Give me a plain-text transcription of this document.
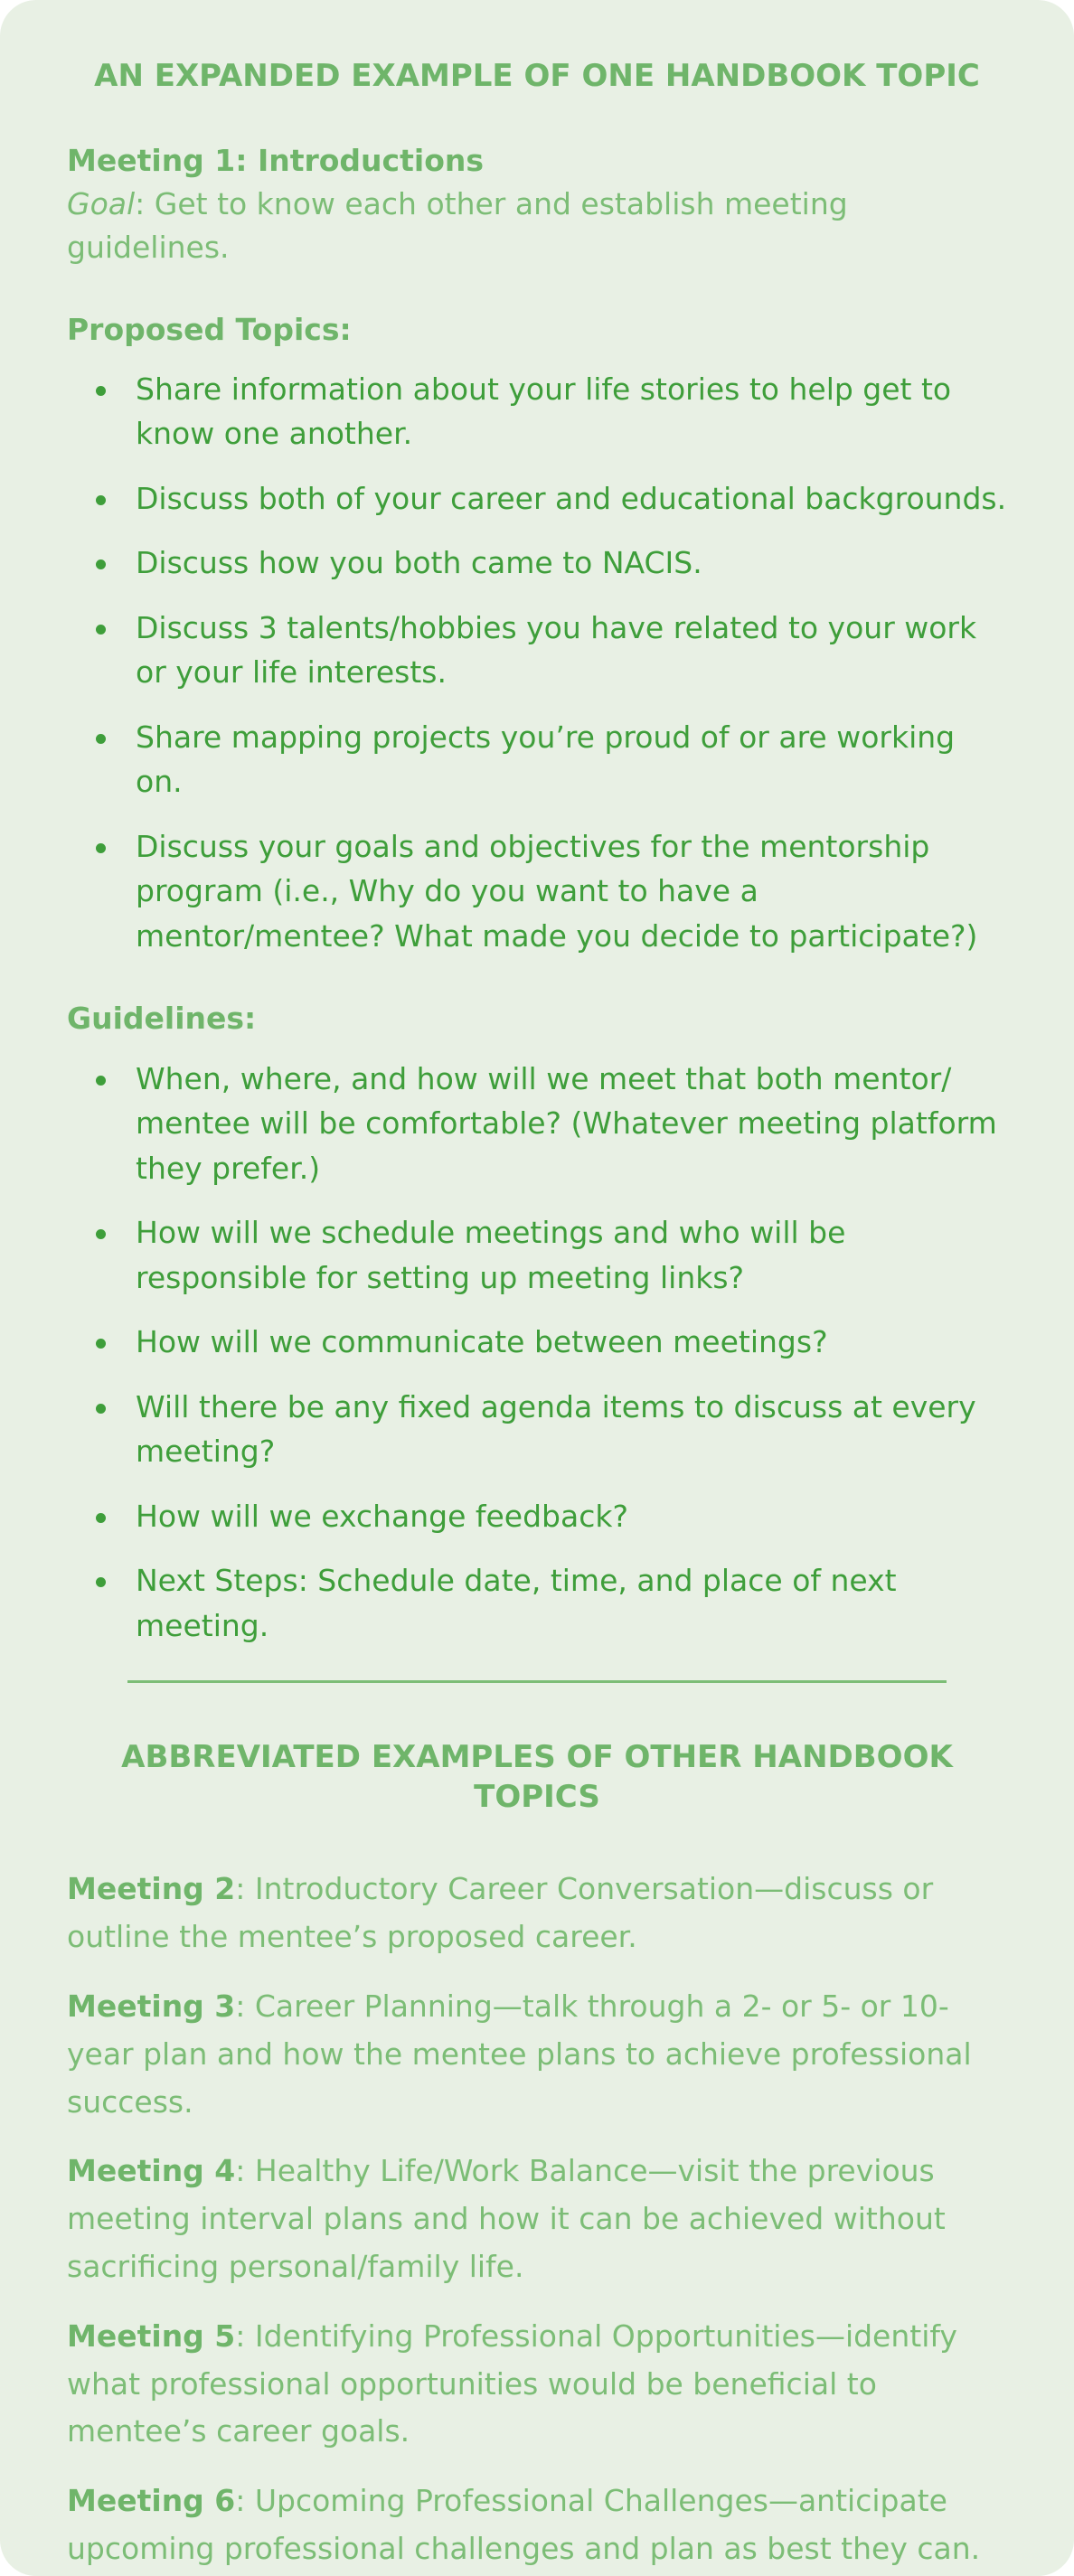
AN EXPANDED EXAMPLE OF ONE HANDBOOK TOPIC
Meeting 1: Introductions
Goal: Get to know each other and establish meeting guidelines.
Proposed Topics:
Share information about your life stories to help get to know one another.
Discuss both of your career and educational backgrounds.
Discuss how you both came to NACIS.
Discuss 3 talents/hobbies you have related to your work or your life interests.
Share mapping projects you’re proud of or are working on.
Discuss your goals and objectives for the mentorship program (i.e., Why do you want to have a mentor/mentee? What made you decide to participate?)
Guidelines:
When, where, and how will we meet that both mentor/ mentee will be comfortable? (Whatever meeting platform they prefer.)
How will we schedule meetings and who will be responsible for setting up meeting links?
How will we communicate between meetings?
Will there be any fixed agenda items to discuss at every meeting?
How will we exchange feedback?
Next Steps: Schedule date, time, and place of next meeting.
ABBREVIATED EXAMPLES OF OTHER HANDBOOK TOPICS
Meeting 2: Introductory Career Conversation—discuss or outline the mentee’s proposed career.
Meeting 3: Career Planning—talk through a 2- or 5- or 10-year plan and how the mentee plans to achieve professional success.
Meeting 4: Healthy Life/Work Balance—visit the previous meeting interval plans and how it can be achieved without sacrificing personal/family life.
Meeting 5: Identifying Professional Opportunities—identify what professional opportunities would be beneficial to mentee’s career goals.
Meeting 6: Upcoming Professional Challenges—anticipate upcoming professional challenges and plan as best they can.
